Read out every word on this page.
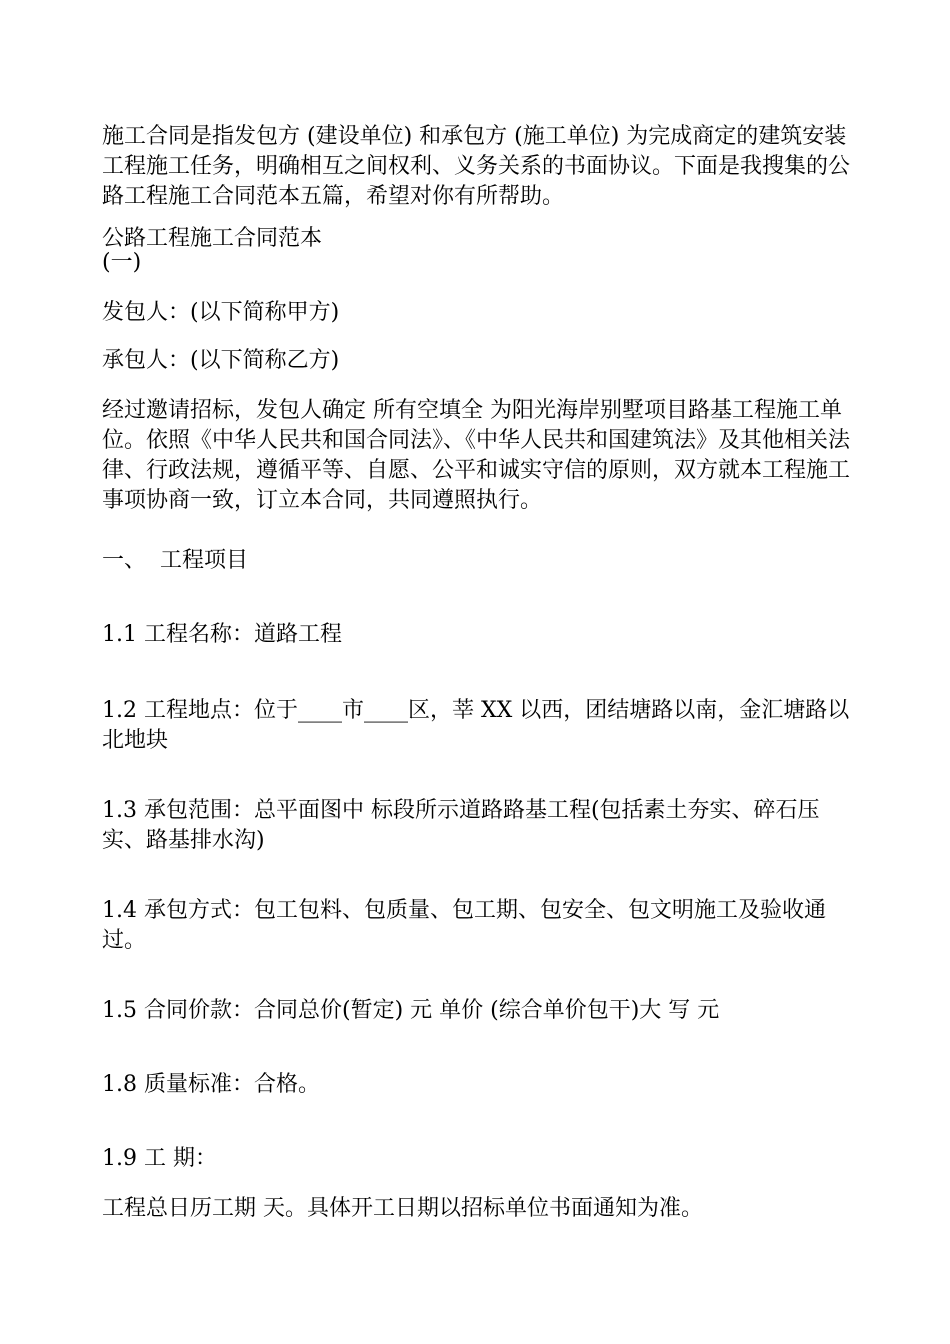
施工合同是指发包方 (建设单位) 和承包方 (施工单位) 为完成商定的建筑安装工程施工任务，明确相互之间权利、义务关系的书面协议。下面是我搜集的公路工程施工合同范本五篇，希望对你有所帮助。

公路工程施工合同范本

(一)

发包人：(以下简称甲方)

承包人：(以下简称乙方)

经过邀请招标，发包人确定 所有空填全 为阳光海岸别墅项目路基工程施工单位。依照《中华人民共和国合同法》、《中华人民共和国建筑法》及其他相关法律、行政法规，遵循平等、自愿、公平和诚实守信的原则，双方就本工程施工事项协商一致，订立本合同，共同遵照执行。

一、  工程项目

1.1 工程名称：道路工程

1.2 工程地点：位于____市____区，莘 XX 以西，团结塘路以南，金汇塘路以北地块

1.3 承包范围：总平面图中 标段所示道路路基工程(包括素土夯实、碎石压实、路基排水沟)

1.4 承包方式：包工包料、包质量、包工期、包安全、包文明施工及验收通过。

1.5 合同价款：合同总价(暂定) 元 单价 (综合单价包干)大 写 元

1.8 质量标准：合格。

1.9 工 期：

工程总日历工期 天。具体开工日期以招标单位书面通知为准。
